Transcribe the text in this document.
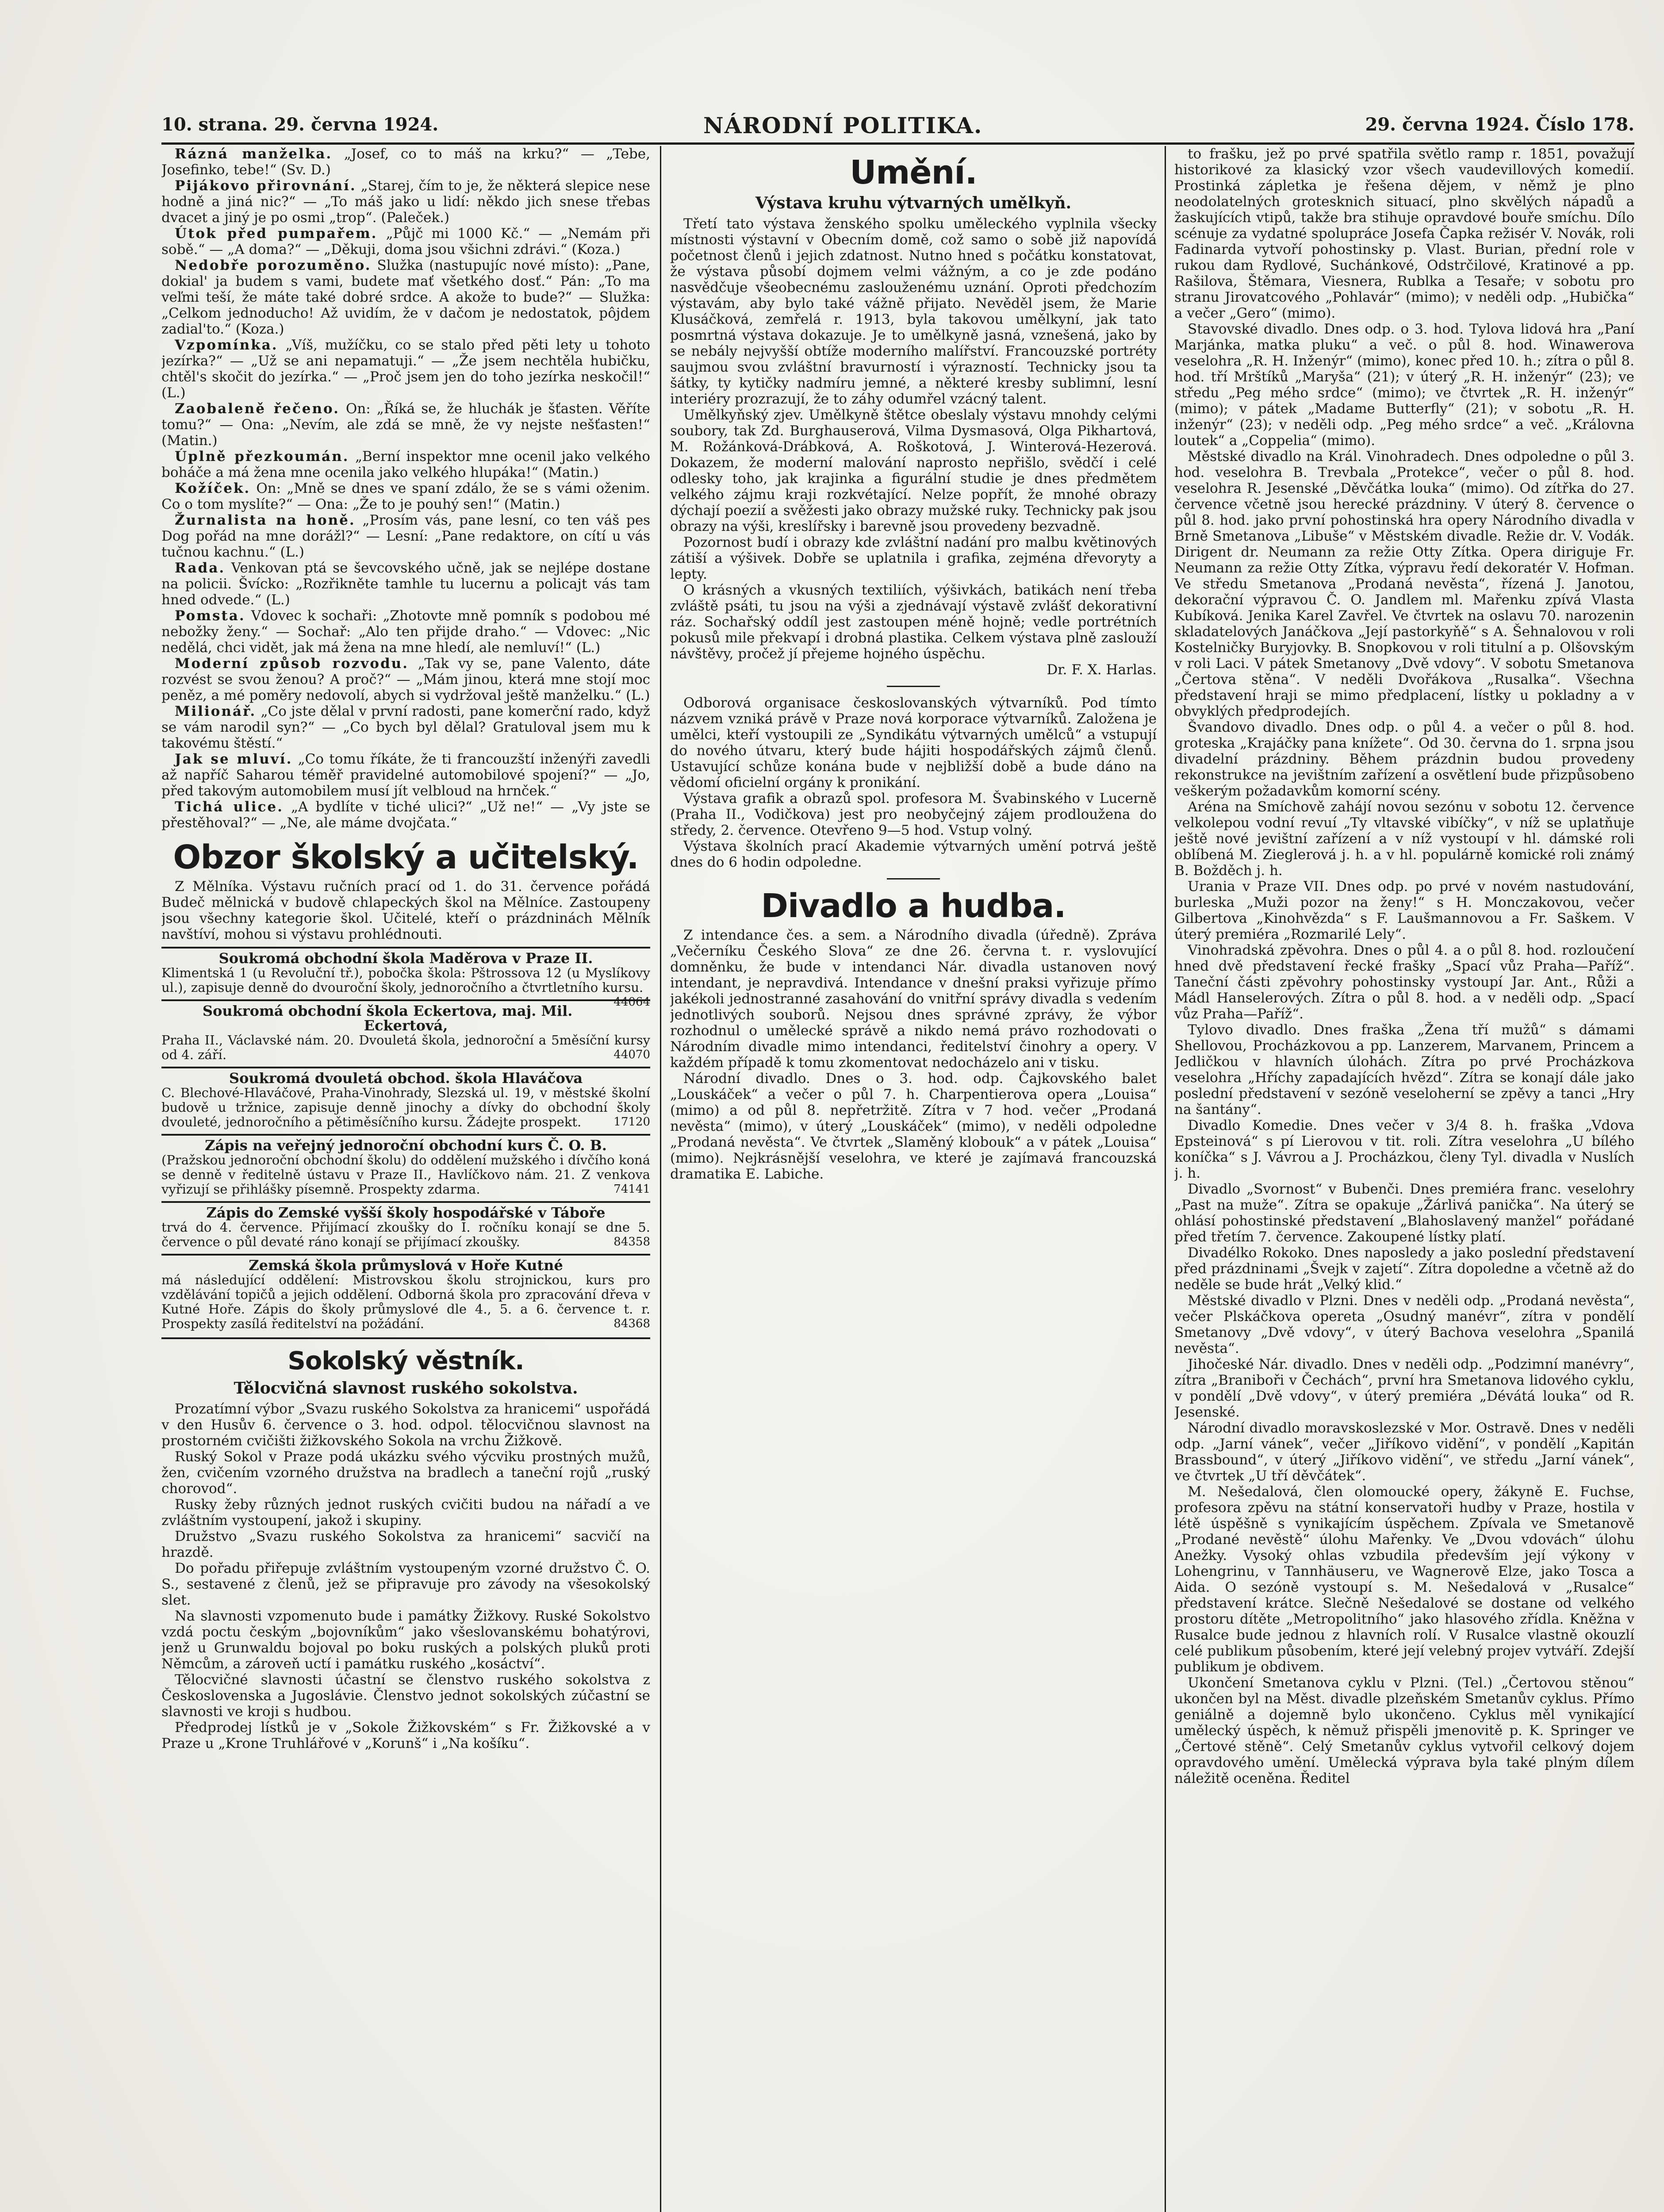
10. strana. 29. června 1924.	NÁRODNÍ POLITIKA.	29. června 1924. Číslo 178.

Rázná manželka. „Josef, co to máš na krku?“ — „Tebe, Josefinko, tebe!“ (Sv. D.)

Pijákovo přirovnání. „Starej, čím to je, že některá slepice nese hodně a jiná nic?“ — „To máš jako u lidí: někdo jich snese třebas dvacet a jiný je po osmi „trop“. (Paleček.)

Útok před pumpařem. „Půjč mi 1000 Kč.“ — „Nemám při sobě.“ — „A doma?“ — „Děkuji, doma jsou všichni zdrávi.“ (Koza.)

Nedobře porozuměno. Služka (nastupujíc nové místo): „Pane, dokial' ja budem s vami, budete mať všetkého dosť.“ Pán: „To ma veľmi teší, že máte také dobré srdce. A akože to bude?“ — Služka: „Celkom jednoducho! Až uvidím, že v dačom je nedostatok, pôjdem zadial'to.“ (Koza.)

Vzpomínka. „Víš, mužíčku, co se stalo před pěti lety u tohoto jezírka?“ — „Už se ani nepamatuji.“ — „Že jsem nechtěla hubičku, chtěl's skočit do jezírka.“ — „Proč jsem jen do toho jezírka neskočil!“ (L.)

Zaobaleně řečeno. On: „Říká se, že hluchák je šťasten. Věříte tomu?“ — Ona: „Nevím, ale zdá se mně, že vy nejste nešťasten!“ (Matin.)

Úplně přezkoumán. „Berní inspektor mne ocenil jako velkého boháče a má žena mne ocenila jako velkého hlupáka!“ (Matin.)

Kožíček. On: „Mně se dnes ve spaní zdálo, že se s vámi oženim. Co o tom myslíte?“ — Ona: „Že to je pouhý sen!“ (Matin.)

Žurnalista na honě. „Prosím vás, pane lesní, co ten váš pes Dog pořád na mne dorážl?“ — Lesní: „Pane redaktore, on cítí u vás tučnou kachnu.“ (L.)

Rada. Venkovan ptá se ševcovského učně, jak se nejlépe dostane na policii. Švícko: „Rozřikněte tamhle tu lucernu a policajt vás tam hned odvede.“ (L.)

Pomsta. Vdovec k sochaři: „Zhotovte mně pomník s podobou mé nebožky ženy.“ — Sochař: „Alo ten přijde draho.“ — Vdovec: „Nic nedělá, chci vidět, jak má žena na mne hledí, ale nemluví!“ (L.)

Moderní způsob rozvodu. „Tak vy se, pane Valento, dáte rozvést se svou ženou? A proč?“ — „Mám jinou, která mne stojí moc peněz, a mé poměry nedovolí, abych si vydržoval ještě manželku.“ (L.)

Milionář. „Co jste dělal v první radosti, pane komerční rado, když se vám narodil syn?“ — „Co bych byl dělal? Gratuloval jsem mu k takovému štěstí.“

Jak se mluví. „Co tomu říkáte, že ti francouzští inženýři zavedli až napříč Saharou téměř pravidelné automobilové spojení?“ — „Jo, před takovým automobilem musí jít velbloud na hrnček.“

Tichá ulice. „A bydlíte v tiché ulici?“ „Už ne!“ — „Vy jste se přestěhoval?“ — „Ne, ale máme dvojčata.“

Obzor školský a učitelský.

Z Mělníka. Výstavu ručních prací od 1. do 31. července pořádá Budeč mělnická v budově chlapeckých škol na Mělníce. Zastoupeny jsou všechny kategorie škol. Učitelé, kteří o prázdninách Mělník navštíví, mohou si výstavu prohlédnouti.

Soukromá obchodní škola Maděrova v Praze II.
Klimentská 1 (u Revoluční tř.), pobočka škola: Pštrossova 12 (u Myslíkovy ul.), zapisuje denně do dvouroční školy, jednoročního a čtvrtletního kursu.
44064
Soukromá obchodní škola Eckertova, maj. Mil. Eckertová,
Praha II., Václavské nám. 20. Dvouletá škola, jednoroční a 5měsíční kursy od 4. září.	44070
Soukromá dvouletá obchod. škola Hlaváčova
C. Blechové-Hlaváčové, Praha-Vinohrady, Slezská ul. 19, v městské školní budově u tržnice, zapisuje denně jinochy a dívky do obchodní školy dvouleté, jednoročního a pětiměsíčního kursu. Žádejte prospekt.	17120
Zápis na veřejný jednoroční obchodní kurs Č. O. B.
(Pražskou jednoroční obchodní školu) do oddělení mužského i dívčího koná se denně v ředitelně ústavu v Praze II., Havlíčkovo nám. 21. Z venkova vyřizují se přihlášky písemně. Prospekty zdarma.	74141
Zápis do Zemské vyšší školy hospodářské v Táboře
trvá do 4. července. Přijímací zkoušky do I. ročníku konají se dne 5. července o půl devaté ráno konají se přijímací zkoušky.	84358
Zemská škola průmyslová v Hoře Kutné
má následující oddělení: Mistrovskou školu strojnickou, kurs pro vzdělávání topičů a jejich oddělení. Odborná škola pro zpracování dřeva v Kutné Hoře. Zápis do školy průmyslové dle 4., 5. a 6. července t. r. Prospekty zasílá ředitelství na požádání.	84368
Sokolský věstník.
Tělocvičná slavnost ruského sokolstva.

Prozatímní výbor „Svazu ruského Sokolstva za hranicemi“ uspořádá v den Husův 6. července o 3. hod. odpol. tělocvičnou slavnost na prostorném cvičišti žižkovského Sokola na vrchu Žižkově.

Ruský Sokol v Praze podá ukázku svého výcviku prostných mužů, žen, cvičením vzorného družstva na bradlech a taneční rojů „ruský chorovod“.

Rusky žeby různých jednot ruských cvičiti budou na nářadí a ve zvláštním vystoupení, jakož i skupiny.

Družstvo „Svazu ruského Sokolstva za hranicemi“ sacvičí na hrazdě.

Do pořadu přiřepuje zvláštním vystoupeným vzorné družstvo Č. O. S., sestavené z členů, jež se připravuje pro závody na všesokolský slet.

Na slavnosti vzpomenuto bude i památky Žižkovy. Ruské Sokolstvo vzdá poctu českým „bojovníkům“ jako všeslovanskému bohatýrovi, jenž u Grunwaldu bojoval po boku ruských a polských pluků proti Němcům, a zároveň uctí i památku ruského „kosáctví“.

Tělocvičné slavnosti účastní se členstvo ruského sokolstva z Československa a Jugoslávie. Členstvo jednot sokolských zúčastní se slavnosti ve kroji s hudbou.

Předprodej lístků je v „Sokole Žižkovském“ s Fr. Žižkovské a v Praze u „Krone Truhlářové v „Korunš“ i „Na košíku“.

Umění.
Výstava kruhu výtvarných umělkyň.

Třetí tato výstava ženského spolku uměleckého vyplnila všecky místnosti výstavní v Obecním domě, což samo o sobě již napovídá početnost členů i jejich zdatnost. Nutno hned s počátku konstatovat, že výstava působí dojmem velmi vážným, a co je zde podáno nasvědčuje všeobecnému zaslouženému uznání. Oproti předchozím výstavám, aby bylo také vážně přijato. Nevěděl jsem, že Marie Klusáčková, zemřelá r. 1913, byla takovou umělkyní, jak tato posmrtná výstava dokazuje. Je to umělkyně jasná, vznešená, jako by se nebály nejvyšší obtíže moderního malířství. Francouzské portréty saujmou svou zvláštní bravurností i výrazností. Technicky jsou ta šátky, ty kytičky nadmíru jemné, a některé kresby sublimní, lesní interiéry prozrazují, že to záhy odumřel vzácný talent.

Umělkyňský zjev. Umělkyně štětce obeslaly výstavu mnohdy celými soubory, tak Zd. Burghauserová, Vilma Dysmasová, Olga Pikhartová, M. Rožánková-Drábková, A. Roškotová, J. Winterová-Hezerová. Dokazem, že moderní malování naprosto nepřišlo, svědčí i celé odlesky toho, jak krajinka a figurální studie je dnes předmětem velkého zájmu kraji rozkvétající. Nelze popřít, že mnohé obrazy dýchají poezií a svěžesti jako obrazy mužské ruky. Technicky pak jsou obrazy na výši, kreslířsky i barevně jsou provedeny bezvadně.

Pozornost budí i obrazy kde zvláštní nadání pro malbu květinových zátiší a výšivek. Dobře se uplatnila i grafika, zejména dřevoryty a lepty.

O krásných a vkusných textiliích, výšivkách, batikách není třeba zvláště psáti, tu jsou na výši a zjednávají výstavě zvlášť dekorativní ráz. Sochařský oddíl jest zastoupen méně hojně; vedle portrétních pokusů mile překvapí i drobná plastika. Celkem výstava plně zaslouží návštěvy, pročež jí přejeme hojného úspěchu.

Dr. F. X. Harlas.

Odborová organisace českoslovanských výtvarníků. Pod tímto názvem vzniká právě v Praze nová korporace výtvarníků. Založena je umělci, kteří vystoupili ze „Syndikátu výtvarných umělců“ a vstupují do nového útvaru, který bude hájiti hospodářských zájmů členů. Ustavující schůze konána bude v nejbližší době a bude dáno na vědomí oficielní orgány k pronikání.

Výstava grafik a obrazů spol. profesora M. Švabinského v Lucerně (Praha II., Vodičkova) jest pro neobyčejný zájem prodloužena do středy, 2. července. Otevřeno 9—5 hod. Vstup volný.

Výstava školních prací Akademie výtvarných umění potrvá ještě dnes do 6 hodin odpoledne.

Divadlo a hudba.

Z intendance čes. a sem. a Národního divadla (úředně). Zpráva „Večerníku Českého Slova“ ze dne 26. června t. r. vyslovující domněnku, že bude v intendanci Nár. divadla ustanoven nový intendant, je nepravdivá. Intendance v dnešní praksi vyřizuje přímo jakékoli jednostranné zasahování do vnitřní správy divadla s vedením jednotlivých souborů. Nejsou dnes správné zprávy, že výbor rozhodnul o umělecké správě a nikdo nemá právo rozhodovati o Národním divadle mimo intendanci, ředitelství činohry a opery. V každém případě k tomu zkomentovat nedocházelo ani v tisku.

Národní divadlo. Dnes o 3. hod. odp. Čajkovského balet „Louskáček“ a večer o půl 7. h. Charpentierova opera „Louisa“ (mimo) a od půl 8. nepřetržitě. Zítra v 7 hod. večer „Prodaná nevěsta“ (mimo), v úterý „Louskáček“ (mimo), v neděli odpoledne „Prodaná nevěsta“. Ve čtvrtek „Slaměný klobouk“ a v pátek „Louisa“ (mimo). Nejkrásnější veselohra, ve které je zajímavá francouzská dramatika E. Labiche.

to frašku, jež po prvé spatřila světlo ramp r. 1851, považují historikové za klasický vzor všech vaudevillových komedií. Prostinká zápletka je řešena dějem, v němž je plno neodolatelných grotesknich situací, plno skvělých nápadů a žaskujících vtipů, takže bra stihuje opravdové bouře smíchu. Dílo scénuje za vydatné spolupráce Josefa Čapka režisér V. Novák, roli Fadinarda vytvoří pohostinsky p. Vlast. Burian, přední role v rukou dam Rydlové, Suchánkové, Odstrčilové, Kratinové a pp. Rašilova, Štěmara, Viesnera, Rublka a Tesaře; v sobotu pro stranu Jirovatcového „Pohlavár“ (mimo); v neděli odp. „Hubička“ a večer „Gero“ (mimo).

Stavovské divadlo. Dnes odp. o 3. hod. Tylova lidová hra „Paní Marjánka, matka pluku“ a več. o půl 8. hod. Winawerova veselohra „R. H. Inženýr“ (mimo), konec před 10. h.; zítra o půl 8. hod. tří Mrštíků „Maryša“ (21); v úterý „R. H. inženýr“ (23); ve středu „Peg mého srdce“ (mimo); ve čtvrtek „R. H. inženýr“ (mimo); v pátek „Madame Butterfly“ (21); v sobotu „R. H. inženýr“ (23); v neděli odp. „Peg mého srdce“ a več. „Královna loutek“ a „Coppelia“ (mimo).

Městské divadlo na Král. Vinohradech. Dnes odpoledne o půl 3. hod. veselohra B. Trevbala „Protekce“, večer o půl 8. hod. veselohra R. Jesenské „Děvčátka louka“ (mimo). Od zítřka do 27. července včetně jsou herecké prázdniny. V úterý 8. července o půl 8. hod. jako první pohostinská hra opery Národního divadla v Brně Smetanova „Libuše“ v Městském divadle. Režie dr. V. Vodák. Dirigent dr. Neumann za režie Otty Zítka. Opera diriguje Fr. Neumann za režie Otty Zítka, výpravu ředí dekoratér V. Hofman. Ve středu Smetanova „Prodaná nevěsta“, řízená J. Janotou, dekorační výpravou Č. O. Jandlem ml. Mařenku zpívá Vlasta Kubíková. Jenika Karel Zavřel. Ve čtvrtek na oslavu 70. narozenin skladatelových Janáčkova „Její pastorkyňě“ s A. Šehnalovou v roli Kostelničky Buryjovky. B. Snopkovou v roli titulní a p. Olšovským v roli Laci. V pátek Smetanovy „Dvě vdovy“. V sobotu Smetanova „Čertova stěna“. V neděli Dvořákova „Rusalka“. Všechna představení hraji se mimo předplacení, lístky u pokladny a v obvyklých předprodejích.

Švandovo divadlo. Dnes odp. o půl 4. a večer o půl 8. hod. groteska „Krajáčky pana knížete“. Od 30. června do 1. srpna jsou divadelní prázdniny. Během prázdnin budou provedeny rekonstrukce na jevištním zařízení a osvětlení bude přizpůsobeno veškerým požadavkům komorní scény.

Aréna na Smíchově zahájí novou sezónu v sobotu 12. července velkolepou vodní revuí „Ty vltavské vibíčky“, v níž se uplatňuje ještě nové jevištní zařízení a v níž vystoupí v hl. dámské roli oblíbená M. Zieglerová j. h. a v hl. populárně komické roli známý B. Božděch j. h.

Urania v Praze VII. Dnes odp. po prvé v novém nastudování, burleska „Muži pozor na ženy!“ s H. Monczakovou, večer Gilbertova „Kinohvězda“ s F. Laušmannovou a Fr. Saškem. V úterý premiéra „Rozmarilé Lely“.

Vinohradská zpěvohra. Dnes o půl 4. a o půl 8. hod. rozloučení hned dvě představení řecké frašky „Spací vůz Praha—Paříž“. Taneční části zpěvohry pohostinsky vystoupí Jar. Ant., Růži a Mádl Hanselerových. Zítra o půl 8. hod. a v neděli odp. „Spací vůz Praha—Paříž“.

Tylovo divadlo. Dnes fraška „Žena tří mužů“ s dámami Shellovou, Procházkovou a pp. Lanzerem, Marvanem, Princem a Jedličkou v hlavních úlohách. Zítra po prvé Procházkova veselohra „Hříchy zapadajících hvězd“. Zítra se konají dále jako poslední představení v sezóně veseloherní se zpěvy a tanci „Hry na šantány“.

Divadlo Komedie. Dnes večer v 3/4 8. h. fraška „Vdova Epsteinová“ s pí Lierovou v tit. roli. Zítra veselohra „U bílého koníčka“ s J. Vávrou a J. Procházkou, členy Tyl. divadla v Nuslích j. h.

Divadlo „Svornost“ v Bubenči. Dnes premiéra franc. veselohry „Past na muže“. Zítra se opakuje „Žárlivá panička“. Na úterý se ohlásí pohostinské představení „Blahoslavený manžel“ pořádané před třetím 7. července. Zakoupené lístky platí.

Divadélko Rokoko. Dnes naposledy a jako poslední představení před prázdninami „Švejk v zajetí“. Zítra dopoledne a včetně až do neděle se bude hrát „Velký klid.“

Městské divadlo v Plzni. Dnes v neděli odp. „Prodaná nevěsta“, večer Plskáčkova opereta „Osudný manévr“, zítra v pondělí Smetanovy „Dvě vdovy“, v úterý Bachova veselohra „Spanilá nevěsta“.

Jihočeské Nár. divadlo. Dnes v neděli odp. „Podzimní manévry“, zítra „Braniboři v Čechách“, první hra Smetanova lidového cyklu, v pondělí „Dvě vdovy“, v úterý premiéra „Dévátá louka“ od R. Jesenské.

Národní divadlo moravskoslezské v Mor. Ostravě. Dnes v neděli odp. „Jarní vánek“, večer „Jiříkovo vidění“, v pondělí „Kapitán Brassbound“, v úterý „Jiříkovo vidění“, ve středu „Jarní vánek“, ve čtvrtek „U tří děvčátek“.

M. Nešedalová, člen olomoucké opery, žákyně E. Fuchse, profesora zpěvu na státní konservatoři hudby v Praze, hostila v létě úspěšně s vynikajícím úspěchem. Zpívala ve Smetanově „Prodané nevěstě“ úlohu Mařenky. Ve „Dvou vdovách“ úlohu Anežky. Vysoký ohlas vzbudila především její výkony v Lohengrinu, v Tannhäuseru, ve Wagnerově Elze, jako Tosca a Aida. O sezóně vystoupí s. M. Nešedalová v „Rusalce“ představení krátce. Slečně Nešedalové se dostane od velkého prostoru dítěte „Metropolitního“ jako hlasového zřídla. Kněžna v Rusalce bude jednou z hlavních rolí. V Rusalce vlastně okouzlí celé publikum působením, které její velebný projev vytváří. Zdejší publikum je obdivem.

Ukončení Smetanova cyklu v Plzni. (Tel.) „Čertovou stěnou“ ukončen byl na Měst. divadle plzeňském Smetanův cyklus. Přímo geniálně a dojemně bylo ukončeno. Cyklus měl vynikající umělecký úspěch, k němuž přispěli jmenovitě p. K. Springer ve „Čertové stěně“. Celý Smetanův cyklus vytvořil celkový dojem opravdového umění. Umělecká výprava byla také plným dílem náležitě oceněna. Ředitel
